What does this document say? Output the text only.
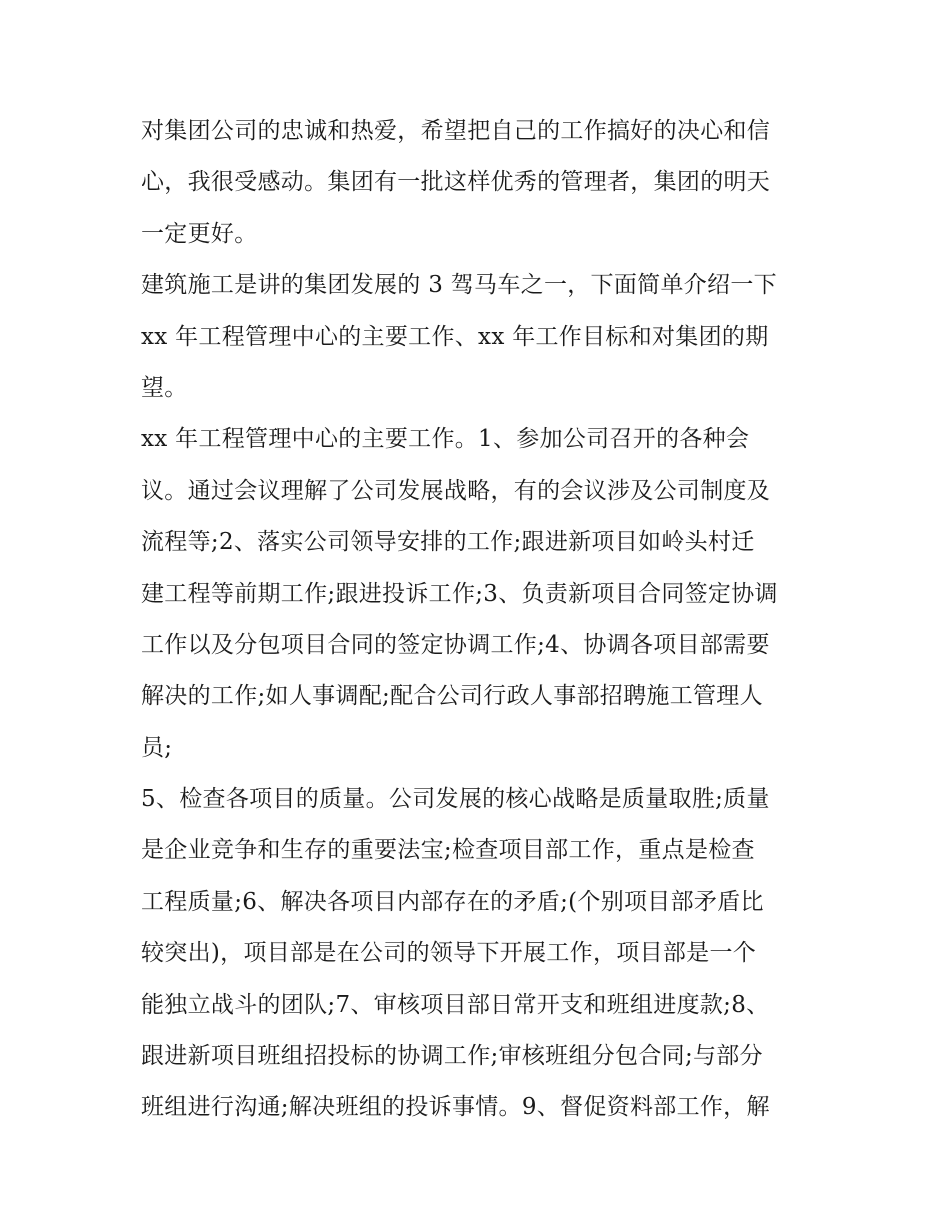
对集团公司的忠诚和热爱，希望把自己的工作搞好的决心和信
心，我很受感动。集团有一批这样优秀的管理者，集团的明天
一定更好。
建筑施工是讲的集团发展的 3 驾马车之一，下面简单介绍一下
xx 年工程管理中心的主要工作、xx 年工作目标和对集团的期
望。
xx 年工程管理中心的主要工作。1、参加公司召开的各种会
议。通过会议理解了公司发展战略，有的会议涉及公司制度及
流程等;2、落实公司领导安排的工作;跟进新项目如岭头村迁
建工程等前期工作;跟进投诉工作;3、负责新项目合同签定协调
工作以及分包项目合同的签定协调工作;4、协调各项目部需要
解决的工作;如人事调配;配合公司行政人事部招聘施工管理人
员;
5、检查各项目的质量。公司发展的核心战略是质量取胜;质量
是企业竞争和生存的重要法宝;检查项目部工作，重点是检查
工程质量;6、解决各项目内部存在的矛盾;(个别项目部矛盾比
较突出)，项目部是在公司的领导下开展工作，项目部是一个
能独立战斗的团队;7、审核项目部日常开支和班组进度款;8、
跟进新项目班组招投标的协调工作;审核班组分包合同;与部分
班组进行沟通;解决班组的投诉事情。9、督促资料部工作，解
